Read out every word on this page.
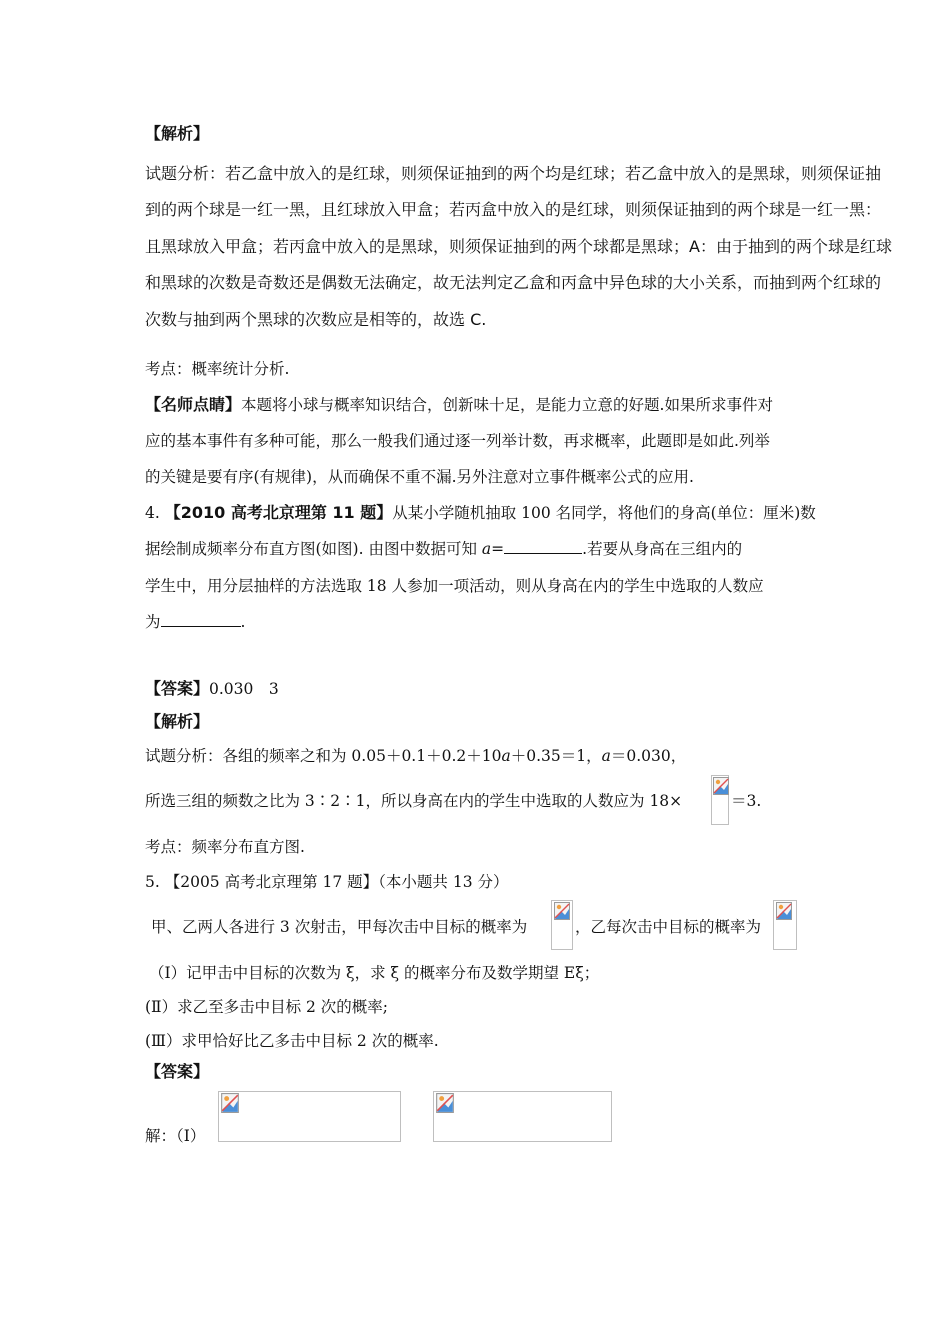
【解析】
试题分析：若乙盒中放入的是红球，则须保证抽到的两个均是红球；若乙盒中放入的是黑球，则须保证抽
到的两个球是一红一黑，且红球放入甲盒；若丙盒中放入的是红球，则须保证抽到的两个球是一红一黑：
且黑球放入甲盒；若丙盒中放入的是黑球，则须保证抽到的两个球都是黑球；A：由于抽到的两个球是红球
和黑球的次数是奇数还是偶数无法确定，故无法判定乙盒和丙盒中异色球的大小关系，而抽到两个红球的
次数与抽到两个黑球的次数应是相等的，故选 C.
考点：概率统计分析.
【名师点睛】本题将小球与概率知识结合，创新味十足，是能力立意的好题.如果所求事件对
应的基本事件有多种可能，那么一般我们通过逐一列举计数，再求概率，此题即是如此.列举
的关键是要有序(有规律)，从而确保不重不漏.另外注意对立事件概率公式的应用.
4. 【2010 高考北京理第 11 题】从某小学随机抽取 100 名同学，将他们的身高(单位：厘米)数
据绘制成频率分布直方图(如图). 由图中数据可知 a=	.若要从身高在三组内的
学生中，用分层抽样的方法选取 18 人参加一项活动，则从身高在内的学生中选取的人数应
为	.
【答案】0.030　3
【解析】
试题分析：各组的频率之和为 0.05＋0.1＋0.2＋10a＋0.35＝1，a＝0.030，
所选三组的频数之比为 3∶2∶1，所以身高在内的学生中选取的人数应为 18×	＝3.
考点：频率分布直方图.
5. 【2005 高考北京理第 17 题】（本小题共 13 分）
甲、乙两人各进行 3 次射击，甲每次击中目标的概率为	，乙每次击中目标的概率为
（Ⅰ）记甲击中目标的次数为 ξ，求 ξ 的概率分布及数学期望 Eξ；
(Ⅱ）求乙至多击中目标 2 次的概率;
(Ⅲ）求甲恰好比乙多击中目标 2 次的概率.
【答案】
解：（Ⅰ）
